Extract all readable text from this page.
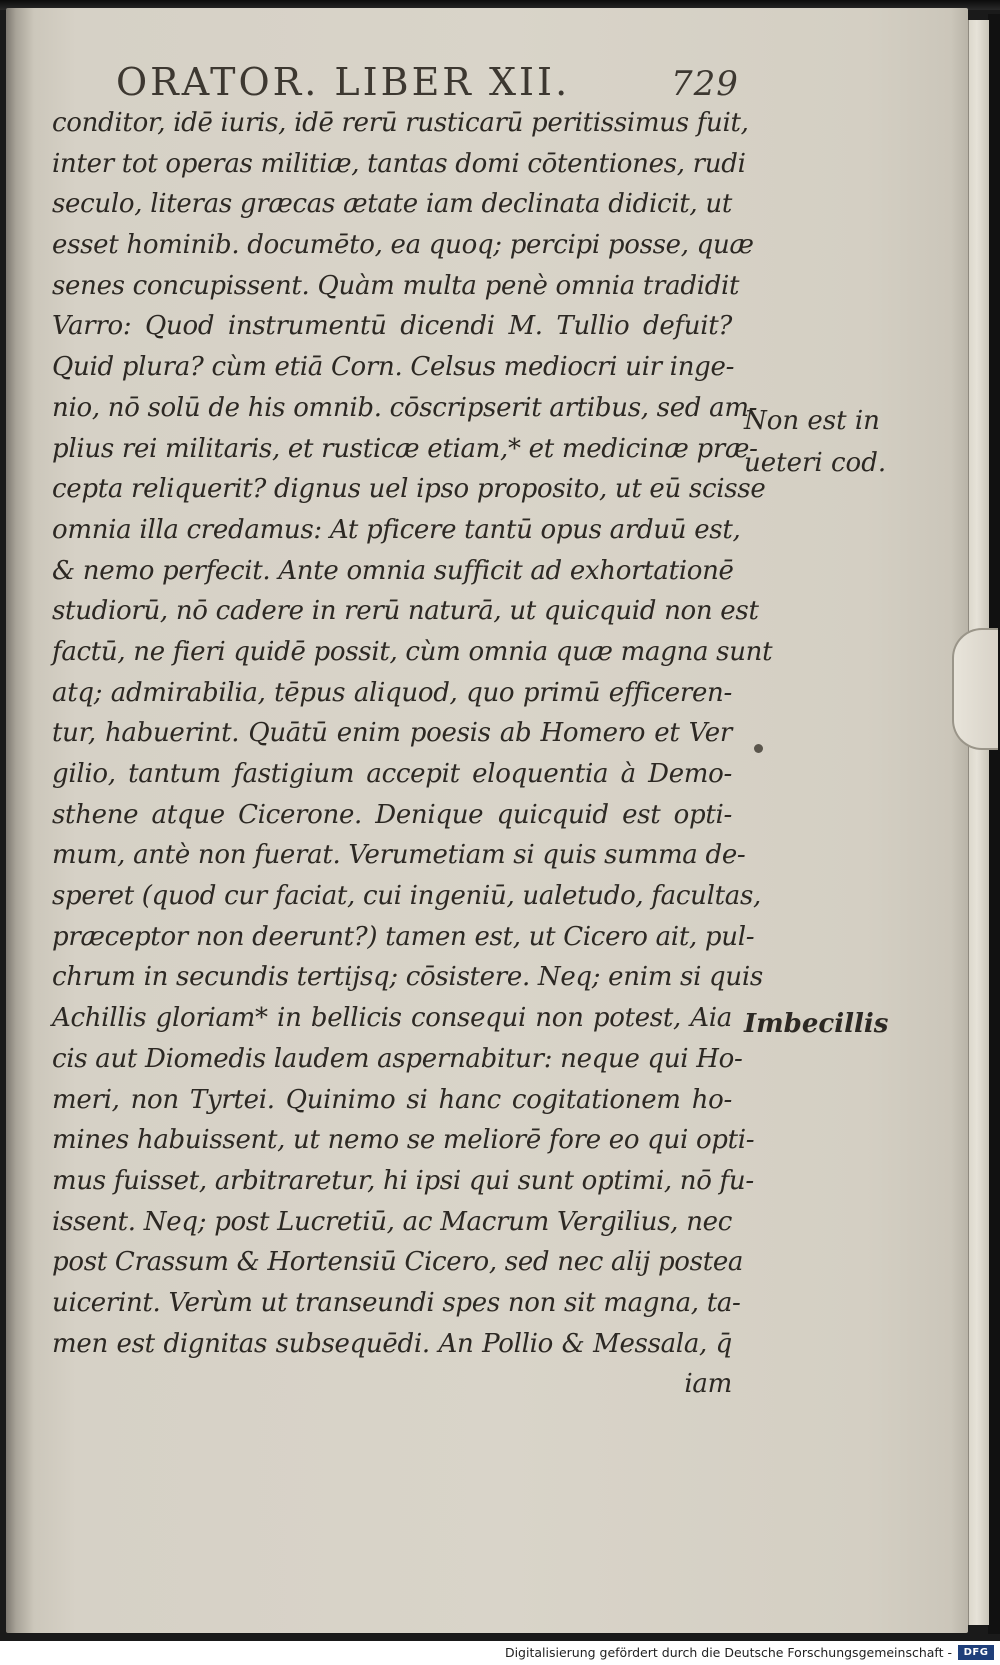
ORATOR. LIBER XII.	729
conditor, idē iuris, idē rerū rusticarū peritissimus fuit,
inter tot operas militiæ, tantas domi cōtentiones, rudi
seculo, literas græcas ætate iam declinata didicit, ut
esset hominib. documēto, ea quoq; percipi posse, quæ
senes concupissent. Quàm multa penè omnia tradidit
Varro: Quod instrumentū dicendi M. Tullio defuit?
Quid plura? cùm etiā Corn. Celsus mediocri uir inge-
nio, nō solū de his omnib. cōscripserit artibus, sed am-
plius rei militaris, et rusticæ etiam,* et medicinæ præ-
cepta reliquerit? dignus uel ipso proposito, ut eū scisse
omnia illa credamus: At pficere tantū opus arduū est,
& nemo perfecit. Ante omnia sufficit ad exhortationē
studiorū, nō cadere in rerū naturā, ut quicquid non est
factū, ne fieri quidē possit, cùm omnia quæ magna sunt
atq; admirabilia, tēpus aliquod, quo primū efficeren-
tur, habuerint. Quātū enim poesis ab Homero et Ver
gilio, tantum fastigium accepit eloquentia à Demo-
sthene atque Cicerone. Denique quicquid est opti-
mum, antè non fuerat. Verumetiam si quis summa de-
speret (quod cur faciat, cui ingeniū, ualetudo, facultas,
præceptor non deerunt?) tamen est, ut Cicero ait, pul-
chrum in secundis tertijsq; cōsistere. Neq; enim si quis
Achillis gloriam* in bellicis consequi non potest, Aia
cis aut Diomedis laudem aspernabitur: neque qui Ho-
meri, non Tyrtei. Quinimo si hanc cogitationem ho-
mines habuissent, ut nemo se meliorē fore eo qui opti-
mus fuisset, arbitraretur, hi ipsi qui sunt optimi, nō fu-
issent. Neq; post Lucretiū, ac Macrum Vergilius, nec
post Crassum & Hortensiū Cicero, sed nec alij postea
uicerint. Verùm ut transeundi spes non sit magna, ta-
men est dignitas subsequēdi. An Pollio & Messala, q̄
iam
Non est in
ueteri cod.
Imbecillis
Digitalisierung gefördert durch die Deutsche Forschungsgemeinschaft -	DFG
